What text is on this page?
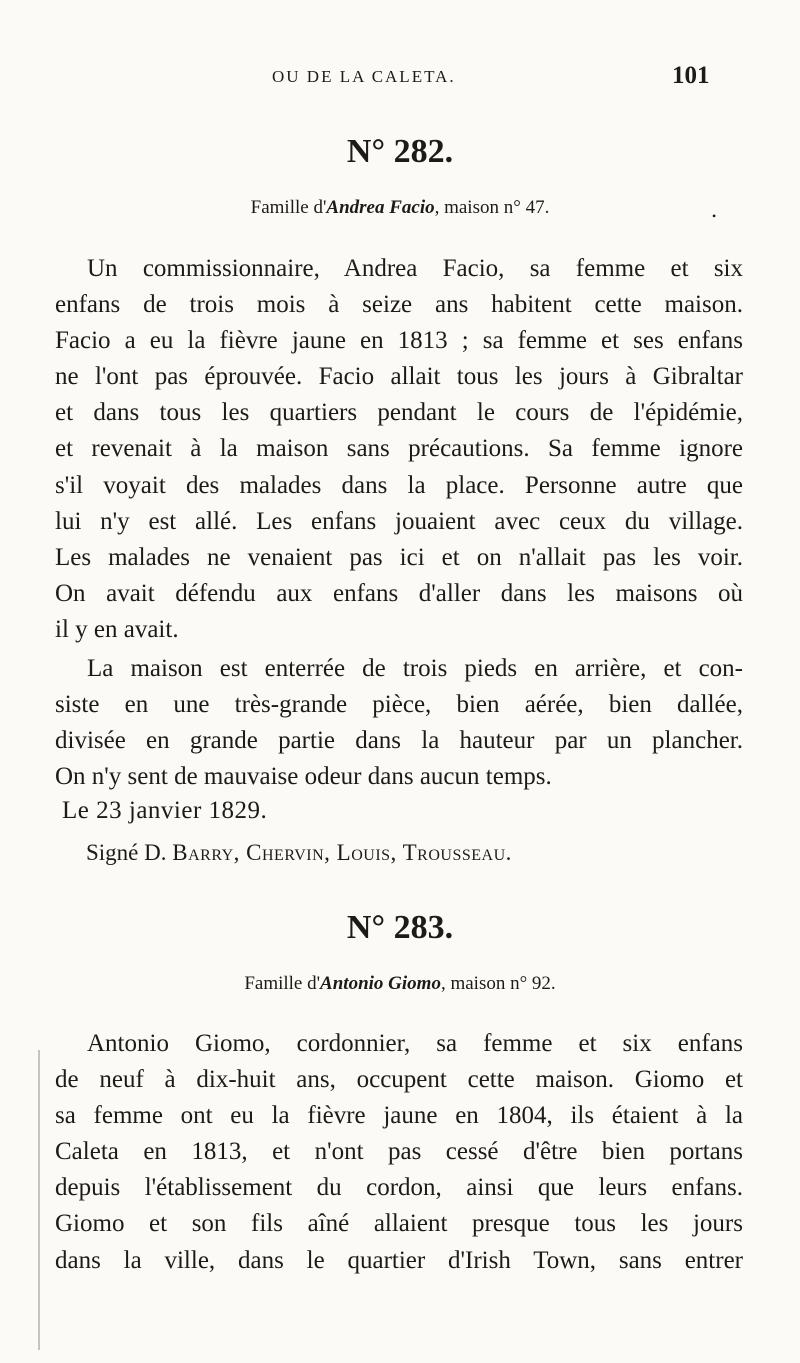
OU DE LA CALETA.	101
•
N° 282.
Famille d'Andrea Facio, maison n° 47.
Un commissionnaire, Andrea Facio, sa femme et six
enfans de trois mois à seize ans habitent cette maison.
Facio a eu la fièvre jaune en 1813 ; sa femme et ses enfans
ne l'ont pas éprouvée. Facio allait tous les jours à Gibraltar
et dans tous les quartiers pendant le cours de l'épidémie,
et revenait à la maison sans précautions. Sa femme ignore
s'il voyait des malades dans la place. Personne autre que
lui n'y est allé. Les enfans jouaient avec ceux du village.
Les malades ne venaient pas ici et on n'allait pas les voir.
On avait défendu aux enfans d'aller dans les maisons où
il y en avait.
La maison est enterrée de trois pieds en arrière, et con-
siste en une très-grande pièce, bien aérée, bien dallée,
divisée en grande partie dans la hauteur par un plancher.
On n'y sent de mauvaise odeur dans aucun temps.
Le 23 janvier 1829.
Signé D. Barry, Chervin, Louis, Trousseau.
N° 283.
Famille d'Antonio Giomo, maison n° 92.
Antonio Giomo, cordonnier, sa femme et six enfans
de neuf à dix-huit ans, occupent cette maison. Giomo et
sa femme ont eu la fièvre jaune en 1804, ils étaient à la
Caleta en 1813, et n'ont pas cessé d'être bien portans
depuis l'établissement du cordon, ainsi que leurs enfans.
Giomo et son fils aîné allaient presque tous les jours
dans la ville, dans le quartier d'Irish Town, sans entrer
